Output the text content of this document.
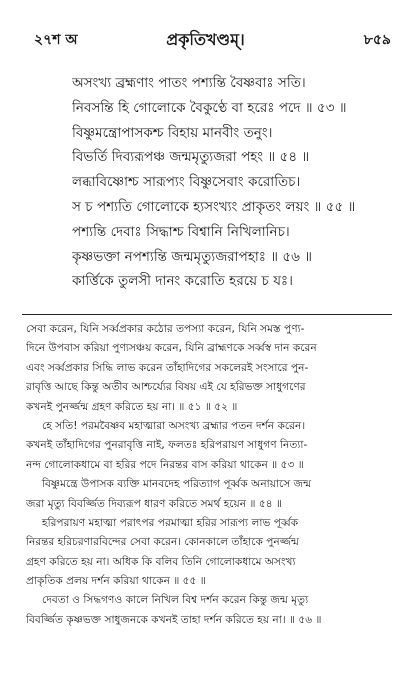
২৭শ অ	প্রকৃতিখণ্ডম্।	৮৫৯
অসংখ্য ব্রহ্মণাং পাতং পশ্যন্তি বৈষ্ণবাঃ সতি।
নিবসন্তি হি গোলোকে বৈকুণ্ঠে বা হরেঃ পদে ॥ ৫৩ ॥
বিষ্ণুমন্ত্রোপাসকশ্চ বিহায় মানবীং তনুং।
বিভর্তি দিব্যরূপঞ্চ জন্মমৃত্যুজরা পহং ॥ ৫৪ ॥
লব্ধাবিষ্ণোশ্চ সারূপ্যং বিষ্ণুসেবাং করোতিচ।
স চ পশ্যতি গোলোকে হ্যসংখ্যং প্রাকৃতং লয়ং ॥ ৫৫ ॥
পশ্যন্তি দেবাঃ সিদ্ধাশ্চ বিশ্বানি নিখিলানিচ।
কৃষ্ণভক্তা নপশ্যন্তি জন্মমৃত্যুজরাপহাঃ ॥ ৫৬ ॥
কার্ত্তিকে তুলসী দানং করোতি হরয়ে চ যঃ।
সেবা করেন, যিনি সর্ব্বপ্রকার কঠোর তপস্যা করেন, যিনি সমস্ত পুণ্য-
দিনে উপবাস করিয়া পুণ্যসঞ্চয় করেন, যিনি ব্রাহ্মণকে সর্ব্বস্ব দান করেন
এবং সর্ব্বপ্রকার সিদ্ধি লাভ করেন তাঁহাদিগের সকলেরই সংসারে পুন-
রাবৃত্তি আছে কিন্তু অতীব আশ্চর্য্যের বিষয় এই যে হরিভক্ত সাধুগণের
কখনই পুনর্জ্জন্ম গ্রহণ করিতে হয় না। ॥ ৫১ ॥ ৫২ ॥
হে সতি! পরমবৈষ্ণব মহাত্মারা অসংখ্য ব্রহ্মার পতন দর্শন করেন।
কখনই তাঁহাদিগের পুনরাবৃত্তি নাই, ফলতঃ হরিপরায়ণ সাধুগণ নিত্যা-
নন্দ গোলোকধামে বা হরির পদে নিরন্তর বাস করিয়া থাকেন ॥ ৫৩ ॥
বিষ্ণুমন্ত্রে উপাসক ব্যক্তি মানবদেহ পরিত্যাগ পূর্ব্বক অনায়াসে জন্ম
জরা মৃত্যু বিবর্জ্জিত দিব্যরূপ ধারণ করিতে সমর্থ হয়েন ॥ ৫৪ ॥
হরিপরায়ণ মহাত্মা পরাৎপর পরমাত্মা হরির সারূপ্য লাভ পূর্ব্বক
নিরন্তর হরিচরণারবিন্দের সেবা করেন। কোনকালে তাঁহাকে পুনর্জ্জন্ম
গ্রহণ করিতে হয় না। অধিক কি বলিব তিনি গোলোকধামে অসংখ্য
প্রাকৃতিক প্রলয় দর্শন করিয়া থাকেন ॥ ৫৫ ॥
দেবতা ও সিদ্ধগণও কালে নিখিল বিশ্ব দর্শন করেন কিন্তু জন্ম মৃত্যু
বিবর্জ্জিত কৃষ্ণভক্ত সাধুজনকে কখনই তাহা দর্শন করিতে হয় না। ॥ ৫৬ ॥
